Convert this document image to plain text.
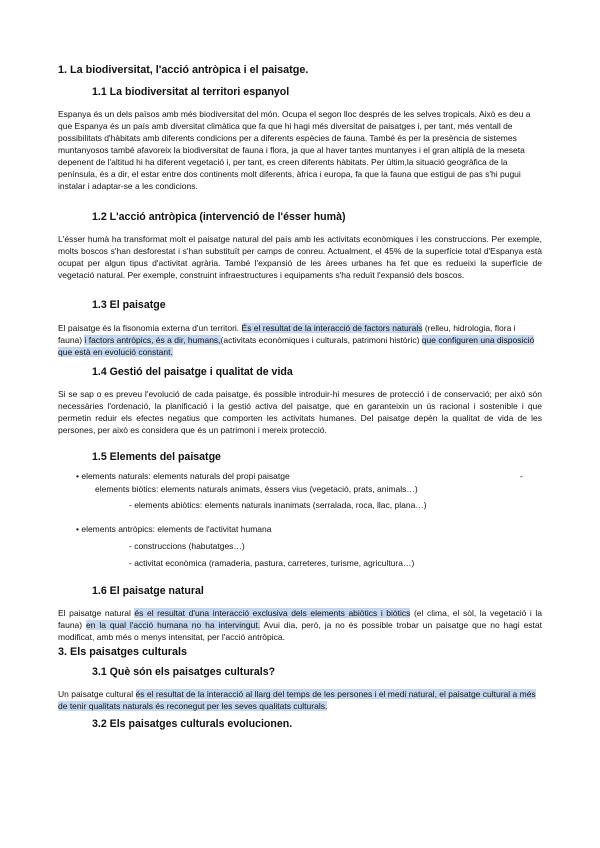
1. La biodiversitat, l'acció antròpica i el paisatge.
1.1 La biodiversitat al territori espanyol

Espanya és un dels països amb més biodiversitat del món. Ocupa el segon lloc després de les selves tropicals. Això es deu a que Espanya és un país amb diversitat climàtica que fa que hi hagi més diversitat de paisatges i, per tant, més ventall de possibilitats d'hàbitats amb diferents condicions per a diferents espècies de fauna. També és per la presència de sistemes muntanyosos també afavoreix la biodiversitat de fauna i flora, ja que al haver tantes muntanyes i el gran altiplà de la meseta depenent de l'altitud hi ha diferent vegetació i, per tant, es creen diferents hàbitats. Per últim,la situació geogràfica de la península, és a dir, el estar entre dos continents molt diferents, àfrica i europa, fa que la fauna que estigui de pas s'hi pugui instalar i adaptar-se a les condicions.

1.2 L'acció antròpica (intervenció de l'ésser humà)

L'ésser humà ha transformat molt el paisatge natural del país amb les activitats econòmiques i les construccions. Per exemple, molts boscos s'han desforestat i s'han substituït per camps de conreu. Actualment, el 45% de la superfície total d'Espanya està ocupat per algun tipus d'activitat agrària. També l'expansió de les àrees urbanes ha fet que es redueixi la superfície de vegetació natural. Per exemple, construint infraestructures i equipaments s'ha reduït l'expansió dels boscos.

1.3 El paisatge

El paisatge és la fisonomia externa d'un territori. És el resultat de la interacció de factors naturals (relleu, hidrologia, flora i fauna) i factors antròpics, és a dir, humans,(activitats econòmiques i culturals, patrimoni històric) que configuren una disposició que està en evolució constant.

1.4 Gestió del paisatge i qualitat de vida

Si se sap o es preveu l'evolució de cada paisatge, és possible introduir-hi mesures de protecció i de conservació; per això són necessàries l'ordenació, la planificació i la gestió activa del paisatge, que en garanteixin un ús racional i sostenible i que permetin reduir els efectes negatius que comporten les activitats humanes. Del paisatge depèn la qualitat de vida de les persones, per això es considera que és un patrimoni i mereix protecció.

1.5 Elements del paisatge

• elements naturals: elements naturals del propi paisatge	-

elements biòtics: elements naturals animats, éssers vius (vegetació, prats, animals…)

- elements abiòtics: elements naturals inanimats (serralada, roca, llac, plana…)

• elements antròpics: elements de l'activitat humana

- construccions (habutatges…)

- activitat econòmica (ramaderia, pastura, carreteres, turisme, agricultura…)

1.6 El paisatge natural

El paisatge natural és el resultat d'una interacció exclusiva dels elements abiòtics i biòtics (el clima, el sòl, la vegetació i la fauna) en la qual l'acció humana no ha intervingut. Avui dia, però, ja no és possible trobar un paisatge que no hagi estat modificat, amb més o menys intensitat, per l'acció antròpica.

3. Els paisatges culturals
3.1 Què són els paisatges culturals?

Un paisatge cultural és el resultat de la interacció al llarg del temps de les persones i el medi natural, el paisatge cultural a més de tenir qualitats naturals és reconegut per les seves qualitats culturals.

3.2 Els paisatges culturals evolucionen.
